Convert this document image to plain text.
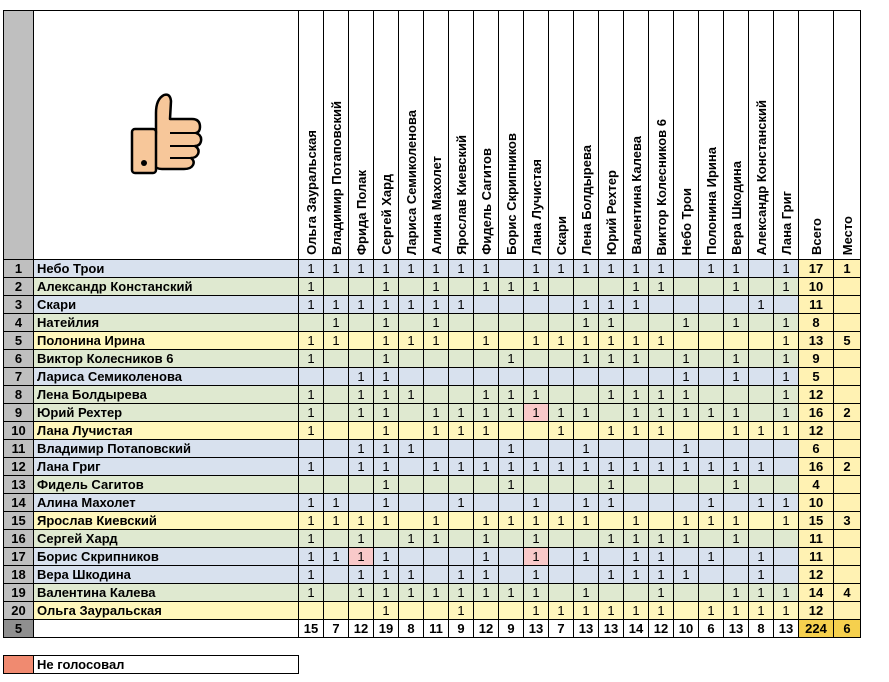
	Ольга Зауральская	Владимир Потаповский	Фрида Полак	Сергей Хард	Лариса Семиколенова	Алина Махолет	Ярослав Киевский	Фидель Сагитов	Борис Скрипников	Лана Лучистая	Скари	Лена Болдырева	Юрий Рехтер	Валентина Калева	Виктор Колесников 6	Небо Трои	Полонина Ирина	Вера Шкодина	Александр Констанский	Лана Григ	Всего	Место
1	Небо Трои	1	1	1	1	1	1	1	1		1	1	1	1	1	1		1	1		1	17	1
2	Александр Констанский	1			1		1		1	1	1				1	1			1		1	10	
3	Скари	1	1	1	1	1	1	1					1	1	1					1		11	
4	Натейлия		1		1		1						1	1			1		1		1	8	
5	Полонина Ирина	1	1		1	1	1		1		1	1	1	1	1	1					1	13	5
6	Виктор Колесников 6	1			1					1			1	1	1		1		1		1	9	
7	Лариса Семиколенова			1	1												1		1		1	5	
8	Лена Болдырева	1		1	1	1			1	1	1			1	1	1	1				1	12	
9	Юрий Рехтер	1		1	1		1	1	1	1	1	1	1		1	1	1	1	1		1	16	2
10	Лана Лучистая	1			1		1	1	1			1		1	1	1			1	1	1	12	
11	Владимир Потаповский			1	1	1				1			1				1					6	
12	Лана Григ	1		1	1		1	1	1	1	1	1	1	1	1	1	1	1	1	1		16	2
13	Фидель Сагитов				1					1				1					1			4	
14	Алина Махолет	1	1		1			1			1		1	1				1		1	1	10	
15	Ярослав Киевский	1	1	1	1		1		1	1	1	1	1		1		1	1	1		1	15	3
16	Сергей Хард	1		1		1	1		1		1			1	1	1	1		1			11	
17	Борис Скрипников	1	1	1	1				1		1		1		1	1		1		1		11	
18	Вера Шкодина	1		1	1	1		1	1		1			1	1	1	1			1		12	
19	Валентина Калева	1		1	1	1	1	1	1	1	1		1			1			1	1	1	14	4
20	Ольга Зауральская				1			1			1	1	1	1	1	1		1	1	1	1	12	
5		15	7	12	19	8	11	9	12	9	13	7	13	13	14	12	10	6	13	8	13	224	6
	Не голосовал
